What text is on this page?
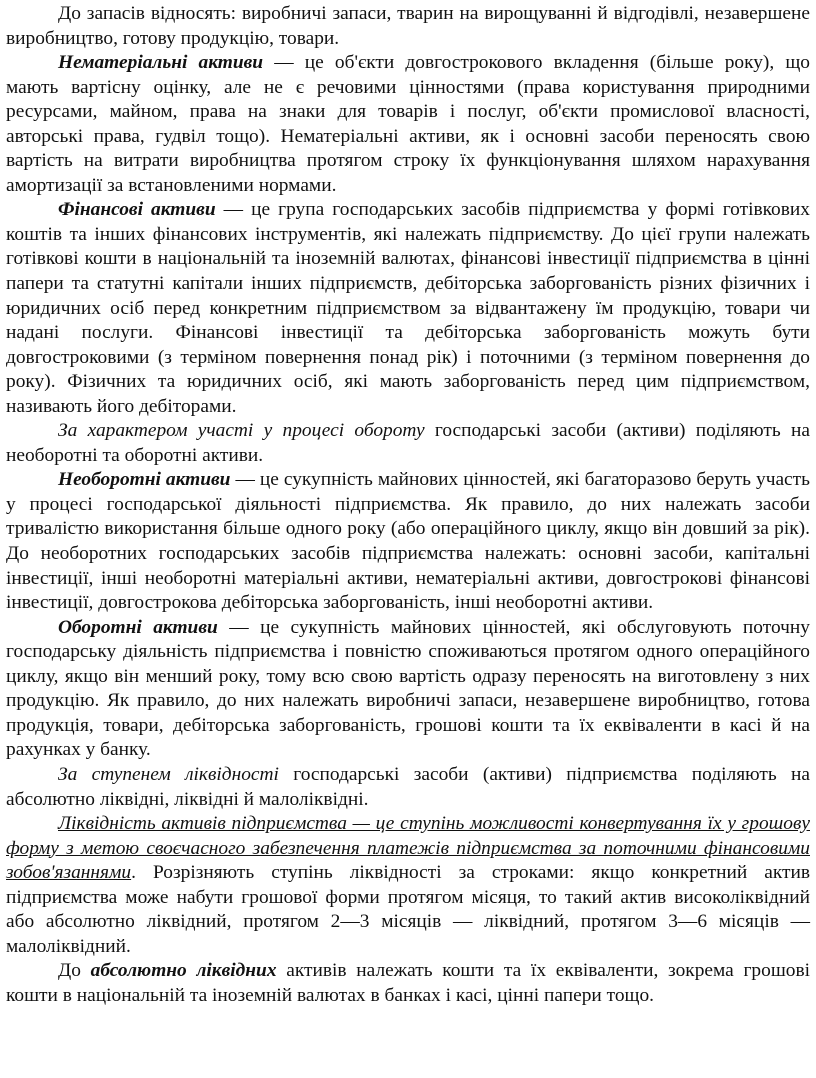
До запасів відносять: виробничі запаси, тварин на вирощуванні й відгодівлі, незавершене виробництво, готову продукцію, товари.

Нематеріальні активи — це об'єкти довгострокового вкладення (більше року), що мають вартісну оцінку, але не є речовими цінностями (права користування природними ресурсами, майном, права на знаки для товарів і послуг, об'єкти промислової власності, авторські права, гудвіл тощо). Нематеріальні активи, як і основні засоби переносять свою вартість на витрати виробництва протягом строку їх функціонування шляхом нарахування амортизації за встановленими нормами.

Фінансові активи — це група господарських засобів підприємства у формі готівкових коштів та інших фінансових інструментів, які належать підприємству. До цієї групи належать готівкові кошти в національній та іноземній валютах, фінансові інвестиції підприємства в цінні папери та статутні капітали інших підприємств, дебіторська заборгованість різних фізичних і юридичних осіб перед конкретним підприємством за відвантажену їм продукцію, товари чи надані послуги. Фінансові інвестиції та дебіторська заборгованість можуть бути довгостроковими (з терміном повернення понад рік) і поточними (з терміном повернення до року). Фізичних та юридичних осіб, які мають заборгованість перед цим підприємством, називають його дебіторами.

За характером участі у процесі обороту господарські засоби (активи) поділяють на необоротні та оборотні активи.

Необоротні активи — це сукупність майнових цінностей, які багаторазово беруть участь у процесі господарської діяльності підприємства. Як правило, до них належать засоби тривалістю використання більше одного року (або операційного циклу, якщо він довший за рік). До необоротних господарських засобів підприємства належать: основні засоби, капітальні інвестиції, інші необоротні матеріальні активи, нематеріальні активи, довгострокові фінансові інвестиції, довгострокова дебіторська заборгованість, інші необоротні активи.

Оборотні активи — це сукупність майнових цінностей, які обслуговують поточну господарську діяльність підприємства і повністю споживаються протягом одного операційного циклу, якщо він менший року, тому всю свою вартість одразу переносять на виготовлену з них продукцію. Як правило, до них належать виробничі запаси, незавершене виробництво, готова продукція, товари, дебіторська заборгованість, грошові кошти та їх еквіваленти в касі й на рахунках у банку.

За ступенем ліквідності господарські засоби (активи) підприємства поділяють на абсолютно ліквідні, ліквідні й малоліквідні.

Ліквідність активів підприємства — це ступінь можливості конвертування їх у грошову форму з метою своєчасного забезпечення платежів підприємства за поточними фінансовими зобов'язаннями. Розрізняють ступінь ліквідності за строками: якщо конкретний актив підприємства може набути грошової форми протягом місяця, то такий актив високоліквідний або абсолютно ліквідний, протягом 2—3 місяців — ліквідний, протягом 3—6 місяців — малоліквідний.

До абсолютно ліквідних активів належать кошти та їх еквіваленти, зокрема грошові кошти в національній та іноземній валютах в банках і касі, цінні папери тощо.
